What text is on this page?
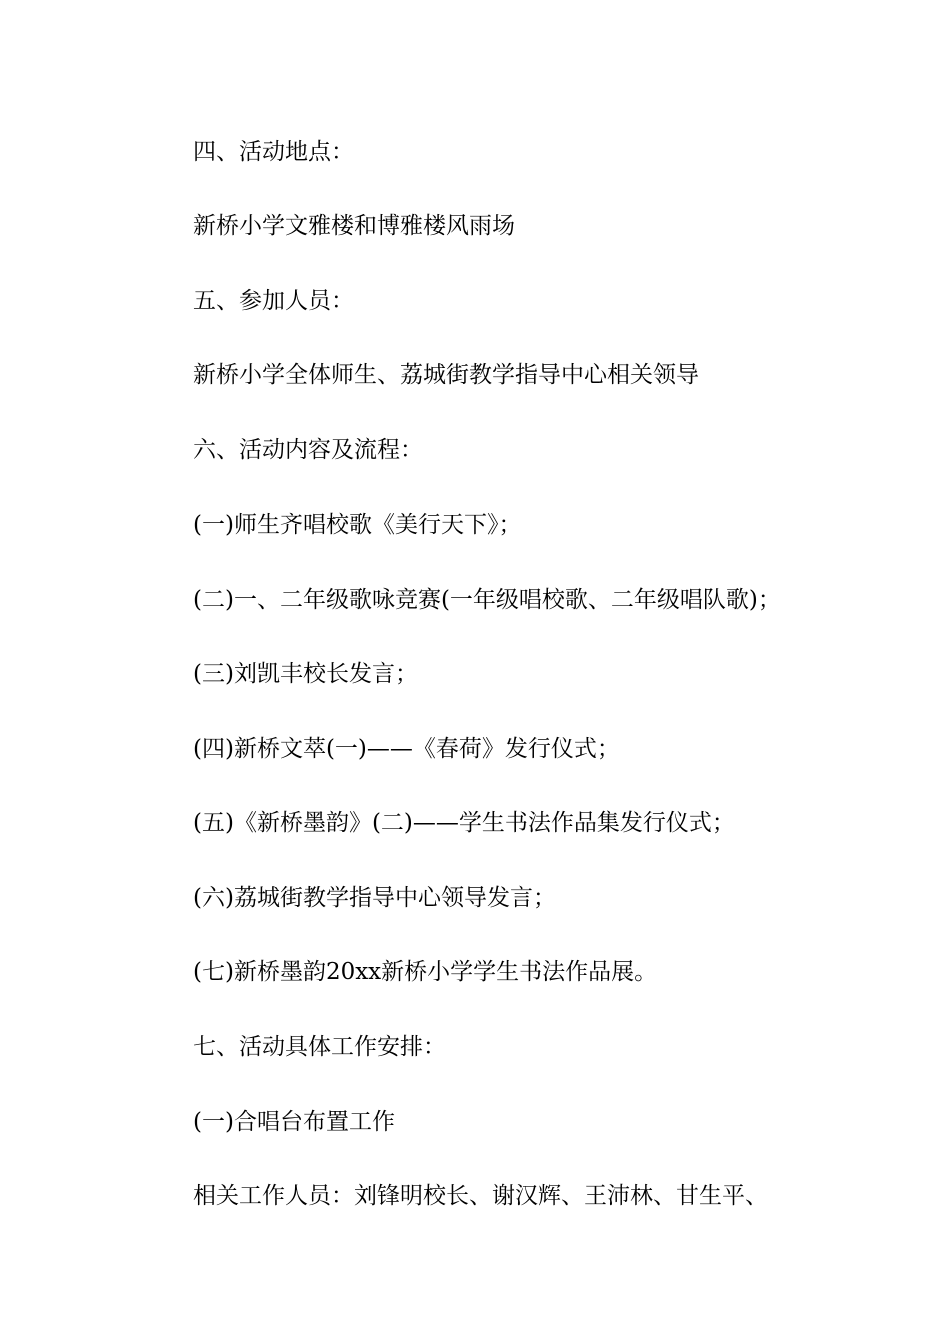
四、活动地点：
新桥小学文雅楼和博雅楼风雨场
五、参加人员：
新桥小学全体师生、荔城街教学指导中心相关领导
六、活动内容及流程：
(一)师生齐唱校歌《美行天下》；
(二)一、二年级歌咏竞赛(一年级唱校歌、二年级唱队歌)；
(三)刘凯丰校长发言；
(四)新桥文萃(一)——《春荷》发行仪式；
(五)《新桥墨韵》(二)——学生书法作品集发行仪式；
(六)荔城街教学指导中心领导发言；
(七)新桥墨韵20xx新桥小学学生书法作品展。
七、活动具体工作安排：
(一)合唱台布置工作
相关工作人员：刘锋明校长、谢汉辉、王沛林、甘生平、
